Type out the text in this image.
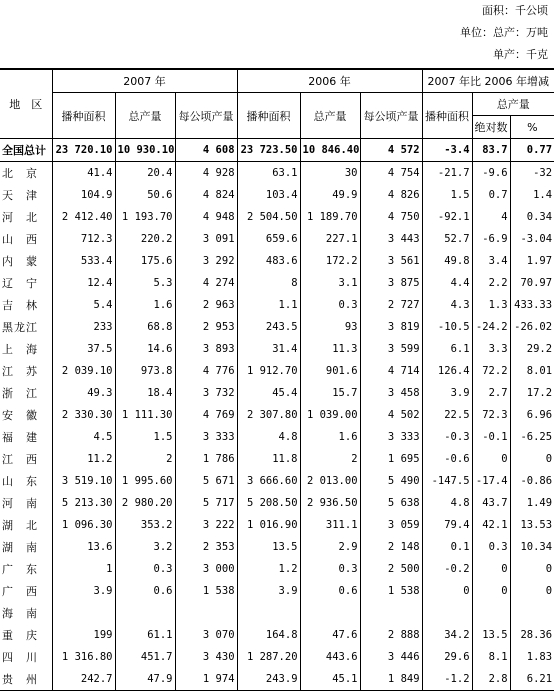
面积：千公顷
单位：总产：万吨
单产：千克
地　区	2007 年			2006 年			2007 年比 2006 年增减		
	播种面积	总产量	每公顷产量	播种面积	总产量	每公顷产量	播种面积	总产量	
								绝对数	%
全国总计	23 720.10	10 930.10	4 608	23 723.50	10 846.40	4 572	-3.4	83.7	0.77
北　京	41.4	20.4	4 928	63.1	30	4 754	-21.7	-9.6	-32
天　津	104.9	50.6	4 824	103.4	49.9	4 826	1.5	0.7	1.4
河　北	2 412.40	1 193.70	4 948	2 504.50	1 189.70	4 750	-92.1	4	0.34
山　西	712.3	220.2	3 091	659.6	227.1	3 443	52.7	-6.9	-3.04
内　蒙	533.4	175.6	3 292	483.6	172.2	3 561	49.8	3.4	1.97
辽　宁	12.4	5.3	4 274	8	3.1	3 875	4.4	2.2	70.97
吉　林	5.4	1.6	2 963	1.1	0.3	2 727	4.3	1.3	433.33
黑龙江	233	68.8	2 953	243.5	93	3 819	-10.5	-24.2	-26.02
上　海	37.5	14.6	3 893	31.4	11.3	3 599	6.1	3.3	29.2
江　苏	2 039.10	973.8	4 776	1 912.70	901.6	4 714	126.4	72.2	8.01
浙　江	49.3	18.4	3 732	45.4	15.7	3 458	3.9	2.7	17.2
安　徽	2 330.30	1 111.30	4 769	2 307.80	1 039.00	4 502	22.5	72.3	6.96
福　建	4.5	1.5	3 333	4.8	1.6	3 333	-0.3	-0.1	-6.25
江　西	11.2	2	1 786	11.8	2	1 695	-0.6	0	0
山　东	3 519.10	1 995.60	5 671	3 666.60	2 013.00	5 490	-147.5	-17.4	-0.86
河　南	5 213.30	2 980.20	5 717	5 208.50	2 936.50	5 638	4.8	43.7	1.49
湖　北	1 096.30	353.2	3 222	1 016.90	311.1	3 059	79.4	42.1	13.53
湖　南	13.6	3.2	2 353	13.5	2.9	2 148	0.1	0.3	10.34
广　东	1	0.3	3 000	1.2	0.3	2 500	-0.2	0	0
广　西	3.9	0.6	1 538	3.9	0.6	1 538	0	0	0
海　南									
重　庆	199	61.1	3 070	164.8	47.6	2 888	34.2	13.5	28.36
四　川	1 316.80	451.7	3 430	1 287.20	443.6	3 446	29.6	8.1	1.83
贵　州	242.7	47.9	1 974	243.9	45.1	1 849	-1.2	2.8	6.21
